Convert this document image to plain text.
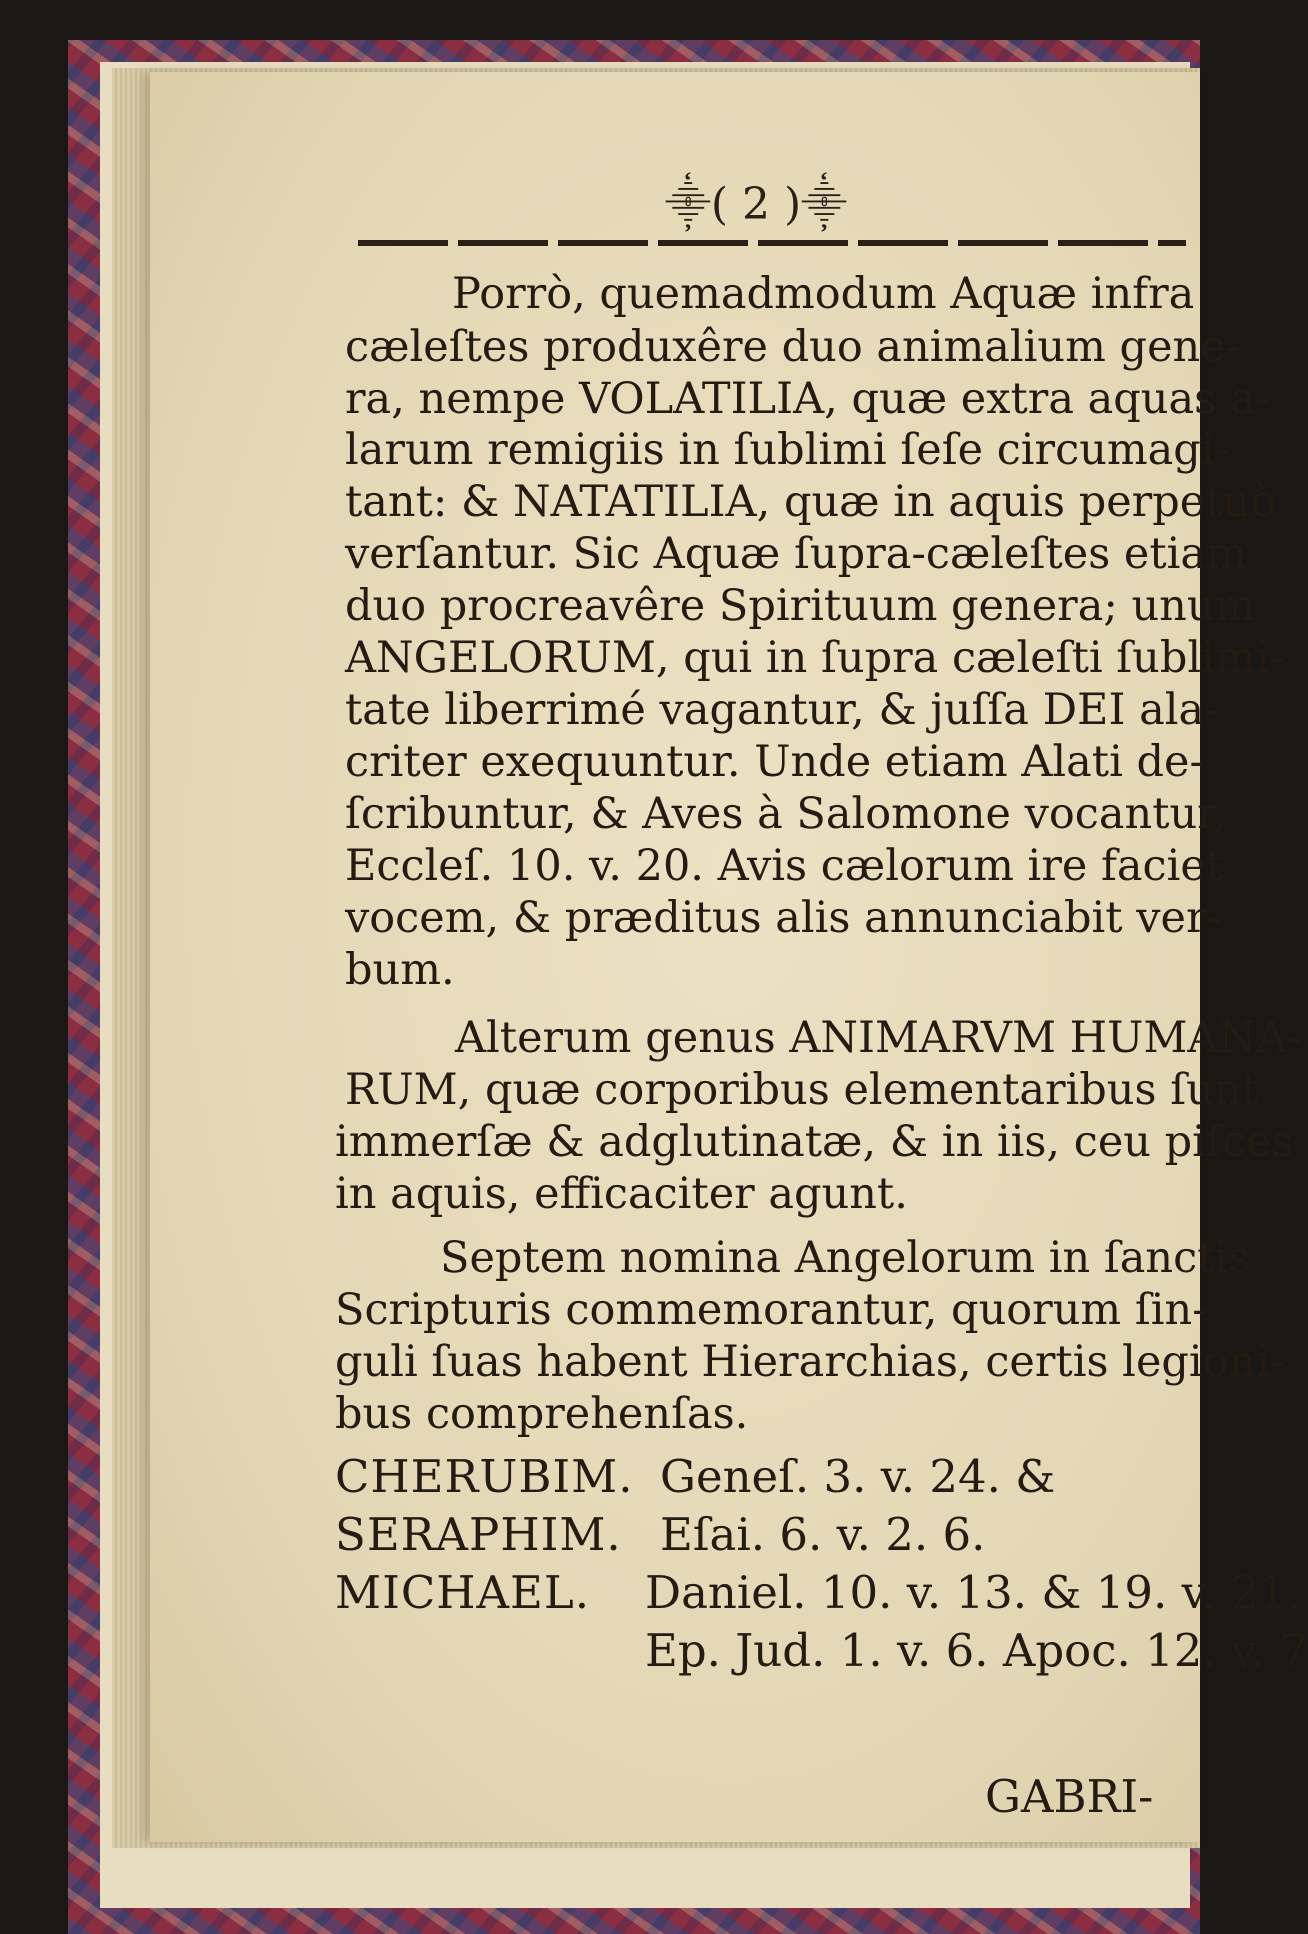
⸎( 2 )⸎
Porrò, quemadmodum Aquæ infra
cæleſtes produxêre duo animalium gene-
ra, nempe VOLATILIA, quæ extra aquas a-
larum remigiis in ſublimi ſeſe circumagi-
tant: & NATATILIA, quæ in aquis perpetuò
verſantur. Sic Aquæ ſupra-cæleſtes etiam
duo procreavêre Spirituum genera; unum
ANGELORUM, qui in ſupra cæleſti ſublimi-
tate liberrimé vagantur, & juſſa DEI ala-
criter exequuntur. Unde etiam Alati de-
ſcribuntur, & Aves à Salomone vocantur,
Eccleſ. 10. v. 20. Avis cælorum ire faciet
vocem, & præditus alis annunciabit ver-
bum.
Alterum genus ANIMARVM HUMANA-
RUM, quæ corporibus elementaribus ſunt
immerſæ & adglutinatæ, & in iis, ceu piſces
in aquis, efficaciter agunt.
Septem nomina Angelorum in ſanctis
Scripturis commemorantur, quorum ſin-
guli ſuas habent Hierarchias, certis legioni-
bus comprehenſas.
CHERUBIM. Geneſ. 3. v. 24. &
SERAPHIM. Eſai. 6. v. 2. 6.
MICHAEL. Daniel. 10. v. 13. & 19. v. 21.
Ep. Jud. 1. v. 6. Apoc. 12. v. 7
GABRI-
